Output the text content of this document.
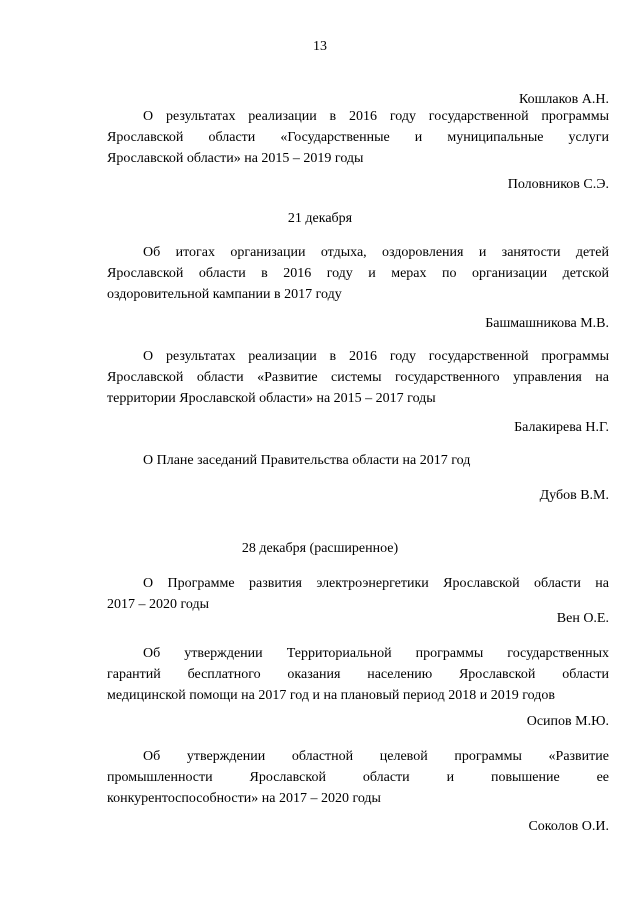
13
Кошлаков А.Н.
О результатах реализации в 2016 году государственной программы
Ярославской области «Государственные и муниципальные услуги
Ярославской области» на 2015 – 2019 годы
Половников С.Э.
21 декабря
Об итогах организации отдыха, оздоровления и занятости детей
Ярославской области в 2016 году и мерах по организации детской
оздоровительной кампании в 2017 году
Башмашникова М.В.
О результатах реализации в 2016 году государственной программы
Ярославской области «Развитие системы государственного управления на
территории Ярославской области» на 2015 – 2017 годы
Балакирева Н.Г.
О Плане заседаний Правительства области на 2017 год
Дубов В.М.
28 декабря (расширенное)
О Программе развития электроэнергетики Ярославской области на
2017 – 2020 годы
Вен О.Е.
Об утверждении Территориальной программы государственных
гарантий бесплатного оказания населению Ярославской области
медицинской помощи на 2017 год и на плановый период 2018 и 2019 годов
Осипов М.Ю.
Об утверждении областной целевой программы «Развитие
промышленности Ярославской области и повышение ее
конкурентоспособности» на 2017 – 2020 годы
Соколов О.И.
